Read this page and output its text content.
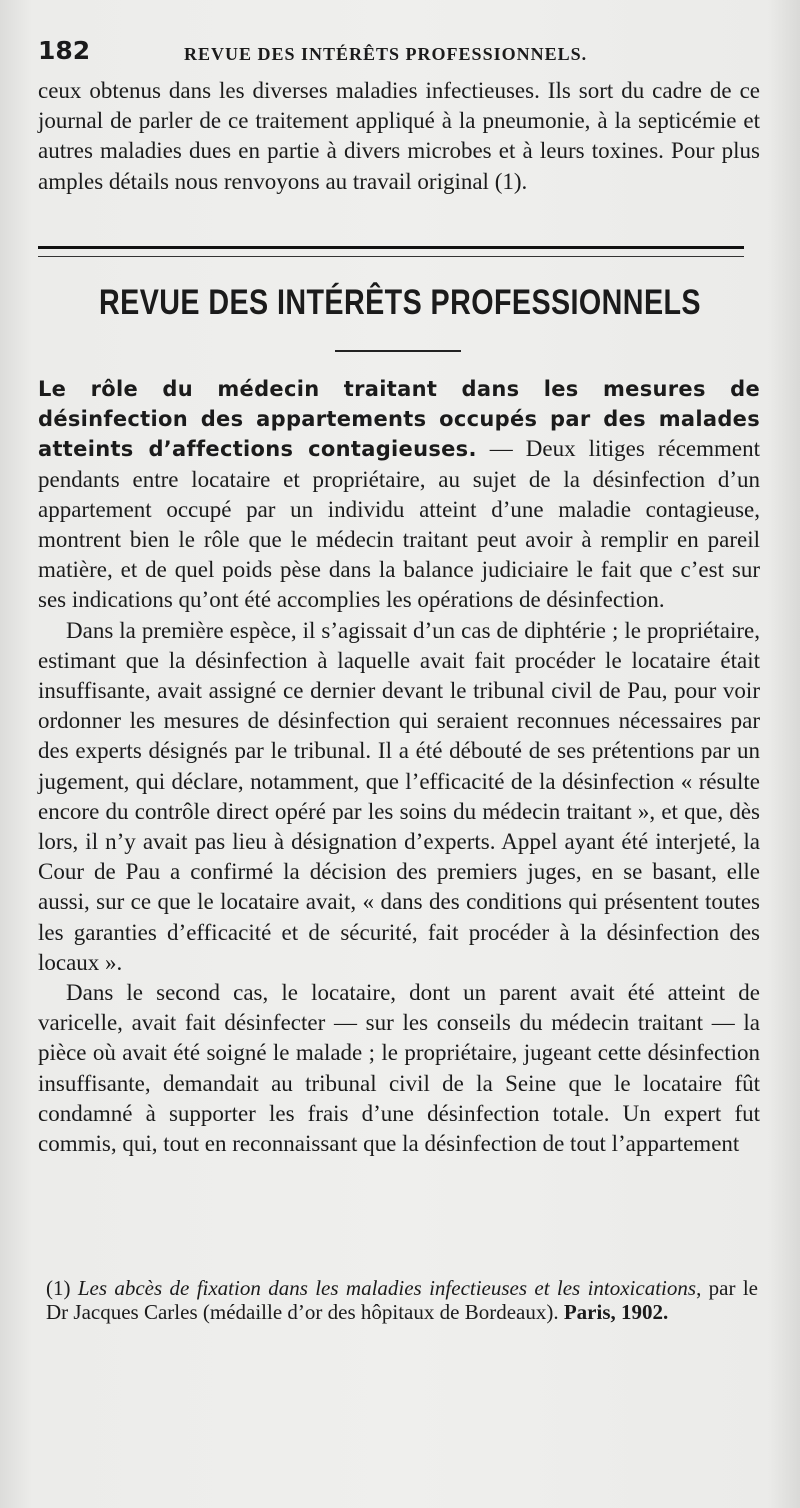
182	REVUE DES INTÉRÊTS PROFESSIONNELS.
ceux obtenus dans les diverses maladies infectieuses. Ils sort du cadre de ce journal de parler de ce traitement appliqué à la pneumonie, à la septicémie et autres maladies dues en partie à divers microbes et à leurs toxines. Pour plus amples détails nous renvoyons au travail original (1).
REVUE DES INTÉRÊTS PROFESSIONNELS

Le rôle du médecin traitant dans les mesures de désinfection des appartements occupés par des malades atteints d’affections contagieuses. — Deux litiges récemment pendants entre locataire et propriétaire, au sujet de la désinfection d’un appartement occupé par un individu atteint d’une maladie contagieuse, montrent bien le rôle que le médecin traitant peut avoir à remplir en pareil matière, et de quel poids pèse dans la balance judiciaire le fait que c’est sur ses indications qu’ont été accomplies les opérations de désinfection.

Dans la première espèce, il s’agissait d’un cas de diphtérie ; le propriétaire, estimant que la désinfection à laquelle avait fait procéder le locataire était insuffisante, avait assigné ce dernier devant le tribunal civil de Pau, pour voir ordonner les mesures de désinfection qui seraient reconnues nécessaires par des experts désignés par le tribunal. Il a été débouté de ses prétentions par un jugement, qui déclare, notamment, que l’efficacité de la désinfection « résulte encore du contrôle direct opéré par les soins du médecin traitant », et que, dès lors, il n’y avait pas lieu à désignation d’experts. Appel ayant été interjeté, la Cour de Pau a confirmé la décision des premiers juges, en se basant, elle aussi, sur ce que le locataire avait, « dans des conditions qui présentent toutes les garanties d’efficacité et de sécurité, fait procéder à la désinfection des locaux ».

Dans le second cas, le locataire, dont un parent avait été atteint de varicelle, avait fait désinfecter — sur les conseils du médecin traitant — la pièce où avait été soigné le malade ; le propriétaire, jugeant cette désinfection insuffisante, demandait au tribunal civil de la Seine que le locataire fût condamné à supporter les frais d’une désinfection totale. Un expert fut commis, qui, tout en reconnaissant que la désinfection de tout l’appartement

(1) Les abcès de fixation dans les maladies infectieuses et les intoxications, par le Dr Jacques Carles (médaille d’or des hôpitaux de Bordeaux). Paris, 1902.
